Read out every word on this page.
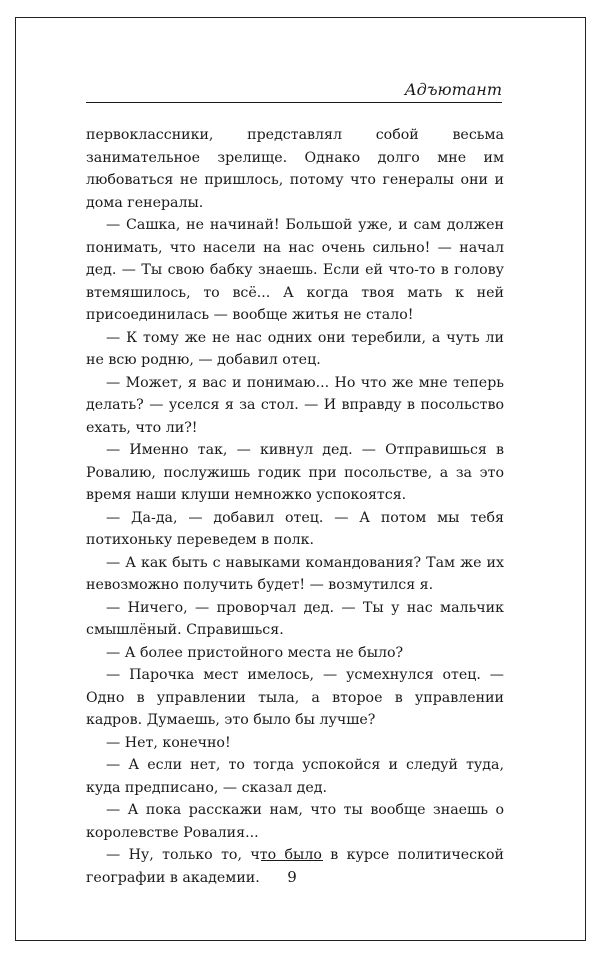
Адъютант

первоклассники, представлял собой весьма занимательное зрелище. Однако долго мне им любоваться не пришлось, потому что генералы они и дома генералы.

— Сашка, не начинай! Большой уже, и сам должен понимать, что насели на нас очень сильно! — начал дед. — Ты свою бабку знаешь. Если ей что-то в голову втемяшилось, то всё... А когда твоя мать к ней присоединилась — вообще житья не стало!

— К тому же не нас одних они теребили, а чуть ли не всю родню, — добавил отец.

— Может, я вас и понимаю... Но что же мне теперь делать? — уселся я за стол. — И вправду в посольство ехать, что ли?!

— Именно так, — кивнул дед. — Отправишься в Ровалию, послужишь годик при посольстве, а за это время наши клуши немножко успокоятся.

— Да-да, — добавил отец. — А потом мы тебя потихоньку переведем в полк.

— А как быть с навыками командования? Там же их невозможно получить будет! — возмутился я.

— Ничего, — проворчал дед. — Ты у нас мальчик смышлёный. Справишься.

— А более пристойного места не было?

— Парочка мест имелось, — усмехнулся отец. — Одно в управлении тыла, а второе в управлении кадров. Думаешь, это было бы лучше?

— Нет, конечно!

— А если нет, то тогда успокойся и следуй туда, куда предписано, — сказал дед.

— А пока расскажи нам, что ты вообще знаешь о королевстве Ровалия...

— Ну, только то, что было в курсе политической географии в академии.	9
